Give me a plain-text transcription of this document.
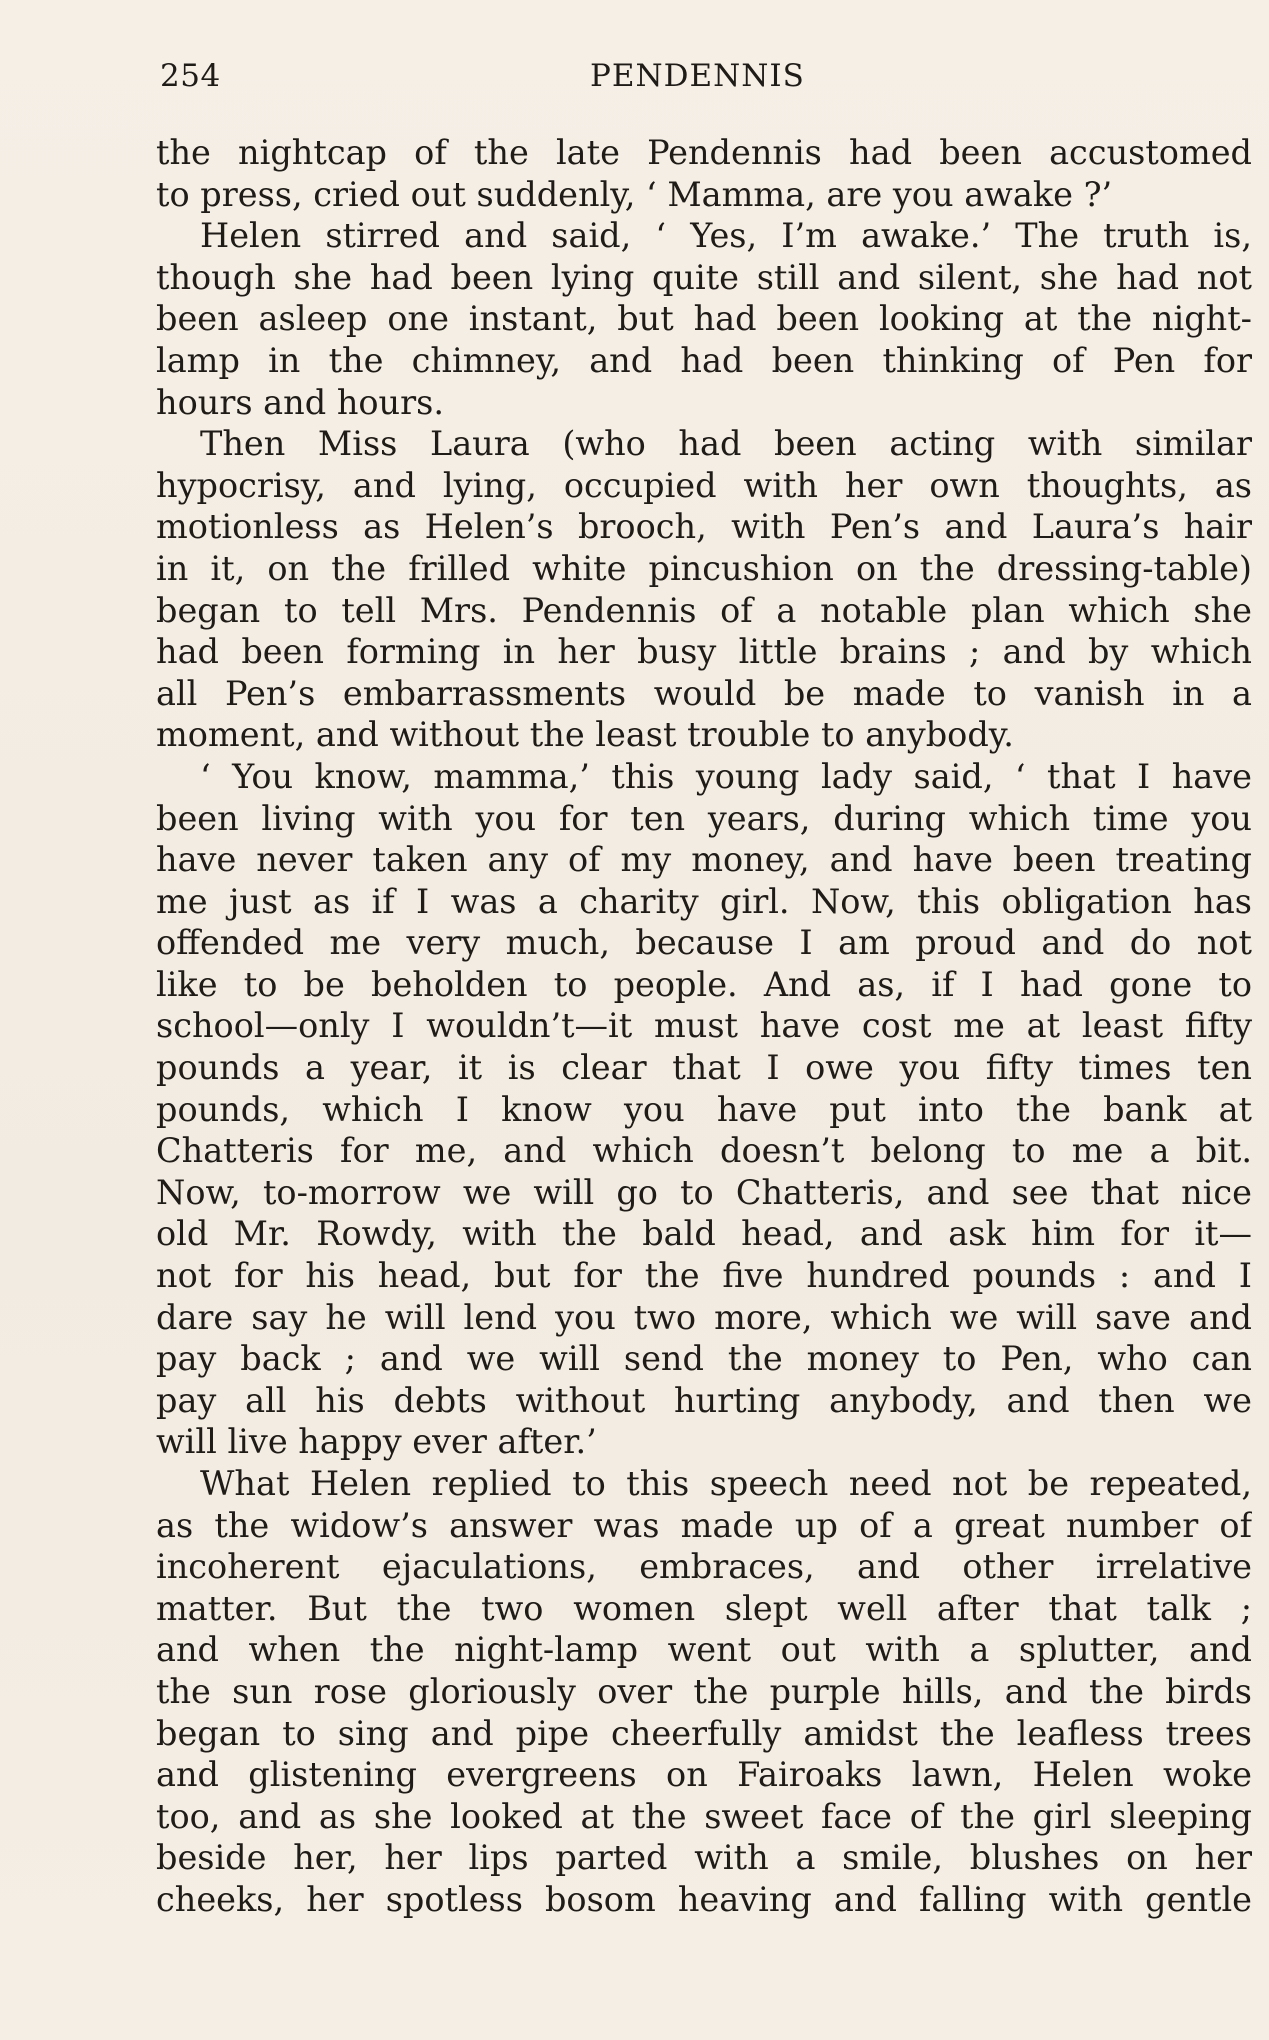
254	PENDENNIS
the nightcap of the late Pendennis had been accustomed
to press, cried out suddenly, ‘ Mamma, are you awake ?’
Helen stirred and said, ‘ Yes, I’m awake.’ The truth is,
though she had been lying quite still and silent, she had not
been asleep one instant, but had been looking at the night-
lamp in the chimney, and had been thinking of Pen for
hours and hours.
Then Miss Laura (who had been acting with similar
hypocrisy, and lying, occupied with her own thoughts, as
motionless as Helen’s brooch, with Pen’s and Laura’s hair
in it, on the frilled white pincushion on the dressing-table)
began to tell Mrs. Pendennis of a notable plan which she
had been forming in her busy little brains ; and by which
all Pen’s embarrassments would be made to vanish in a
moment, and without the least trouble to anybody.
‘ You know, mamma,’ this young lady said, ‘ that I have
been living with you for ten years, during which time you
have never taken any of my money, and have been treating
me just as if I was a charity girl. Now, this obligation has
offended me very much, because I am proud and do not
like to be beholden to people. And as, if I had gone to
school—only I wouldn’t—it must have cost me at least fifty
pounds a year, it is clear that I owe you fifty times ten
pounds, which I know you have put into the bank at
Chatteris for me, and which doesn’t belong to me a bit.
Now, to-morrow we will go to Chatteris, and see that nice
old Mr. Rowdy, with the bald head, and ask him for it—
not for his head, but for the five hundred pounds : and I
dare say he will lend you two more, which we will save and
pay back ; and we will send the money to Pen, who can
pay all his debts without hurting anybody, and then we
will live happy ever after.’
What Helen replied to this speech need not be repeated,
as the widow’s answer was made up of a great number of
incoherent ejaculations, embraces, and other irrelative
matter. But the two women slept well after that talk ;
and when the night-lamp went out with a splutter, and
the sun rose gloriously over the purple hills, and the birds
began to sing and pipe cheerfully amidst the leafless trees
and glistening evergreens on Fairoaks lawn, Helen woke
too, and as she looked at the sweet face of the girl sleeping
beside her, her lips parted with a smile, blushes on her
cheeks, her spotless bosom heaving and falling with gentle
